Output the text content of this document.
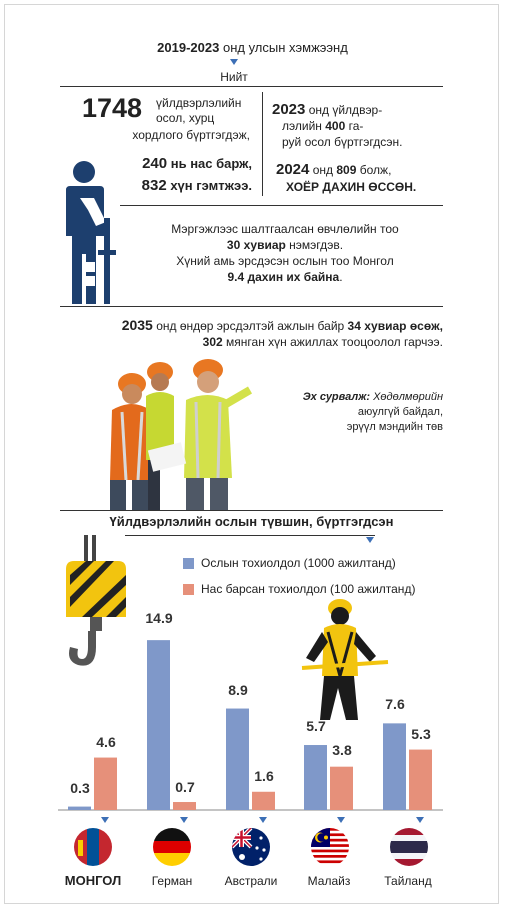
2019-2023 онд улсын хэмжээнд
Нийт
1748 үйлдвэрлэлийн
осол, хурц
хордлого бүртгэгдэж,
240 нь нас барж,
832 хүн гэмтжээ.
2023 онд үйлдвэр-
лэлийн 400 га-
руй осол бүртгэгдсэн.
2024 онд 809 болж,
ХОЁР ДАХИН ӨССӨН.
Мэргэжлээс шалтгаалсан өвчлөлийн тоо
30 хувиар нэмэгдэв.
Хүний амь эрсдэсэн ослын тоо Монгол
9.4 дахин их байна.
2035 онд өндөр эрсдэлтэй ажлын байр 34 хувиар өсөж,
302 мянган хүн ажиллах тооцоолол гарчээ.
Эх сурвалж: Хөдөлмөрийн
аюулгүй байдал,
эрүүл мэндийн төв
Үйлдвэрлэлийн ослын түвшин, бүртгэгдсэн
Ослын тохиолдол (1000 ажилтанд)
Нас барсан тохиолдол (100 ажилтанд)
0.3
4.6
14.9
0.7
8.9
1.6
5.7
3.8
7.6
5.3
МОНГОЛ	Герман	Австрали	Малайз	Тайланд
